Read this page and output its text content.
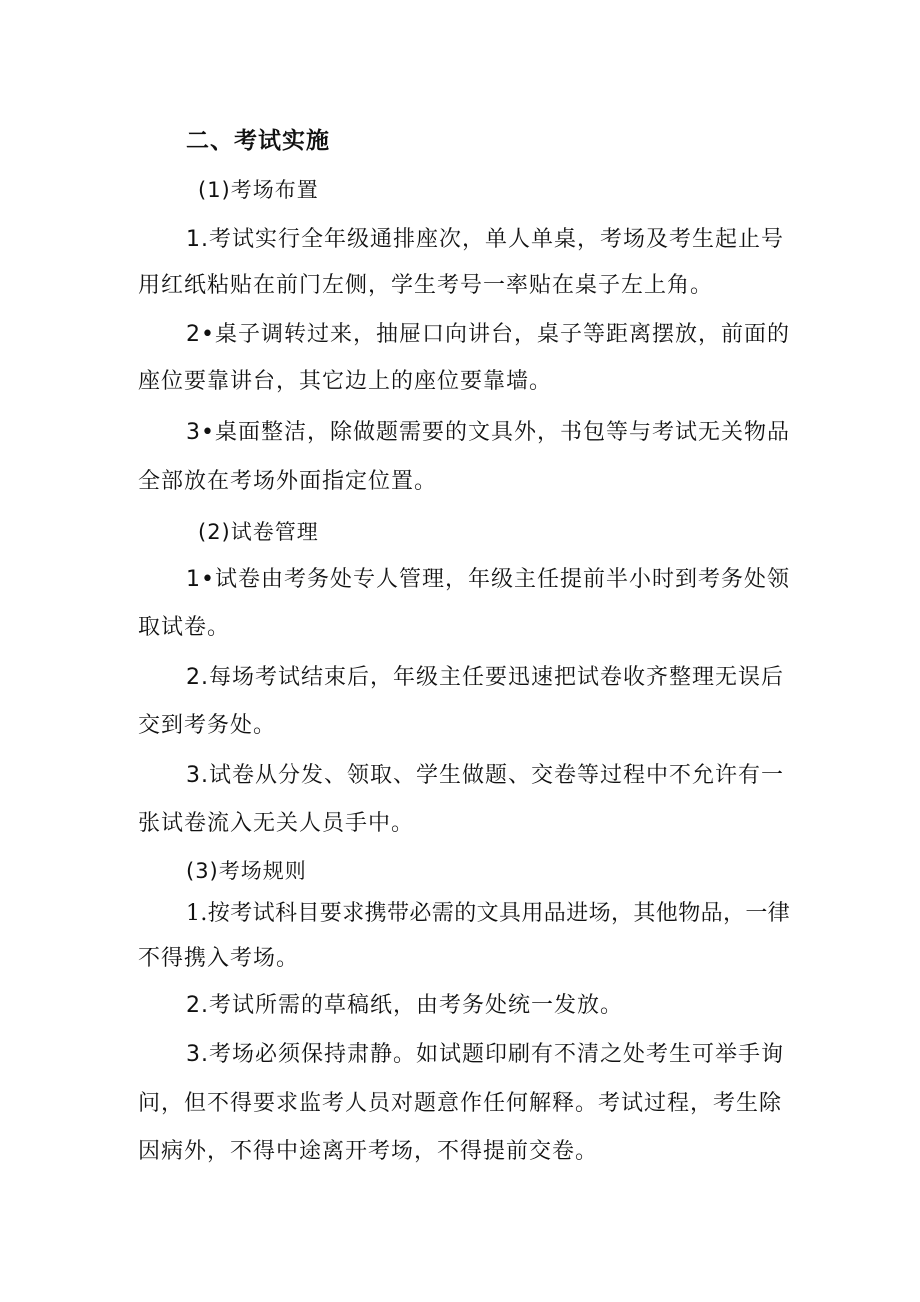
二、考试实施
(1)考场布置
1.考试实行全年级通排座次，单人单桌，考场及考生起止号
用红纸粘贴在前门左侧，学生考号一率贴在桌子左上角。
2•桌子调转过来，抽屉口向讲台，桌子等距离摆放，前面的
座位要靠讲台，其它边上的座位要靠墙。
3•桌面整洁，除做题需要的文具外，书包等与考试无关物品
全部放在考场外面指定位置。
(2)试卷管理
1•试卷由考务处专人管理，年级主任提前半小时到考务处领
取试卷。
2.每场考试结束后，年级主任要迅速把试卷收齐整理无误后
交到考务处。
3.试卷从分发、领取、学生做题、交卷等过程中不允许有一
张试卷流入无关人员手中。
(3)考场规则
1.按考试科目要求携带必需的文具用品进场，其他物品，一律
不得携入考场。
2.考试所需的草稿纸，由考务处统一发放。
3.考场必须保持肃静。如试题印刷有不清之处考生可举手询
问，但不得要求监考人员对题意作任何解释。考试过程，考生除
因病外，不得中途离开考场，不得提前交卷。
